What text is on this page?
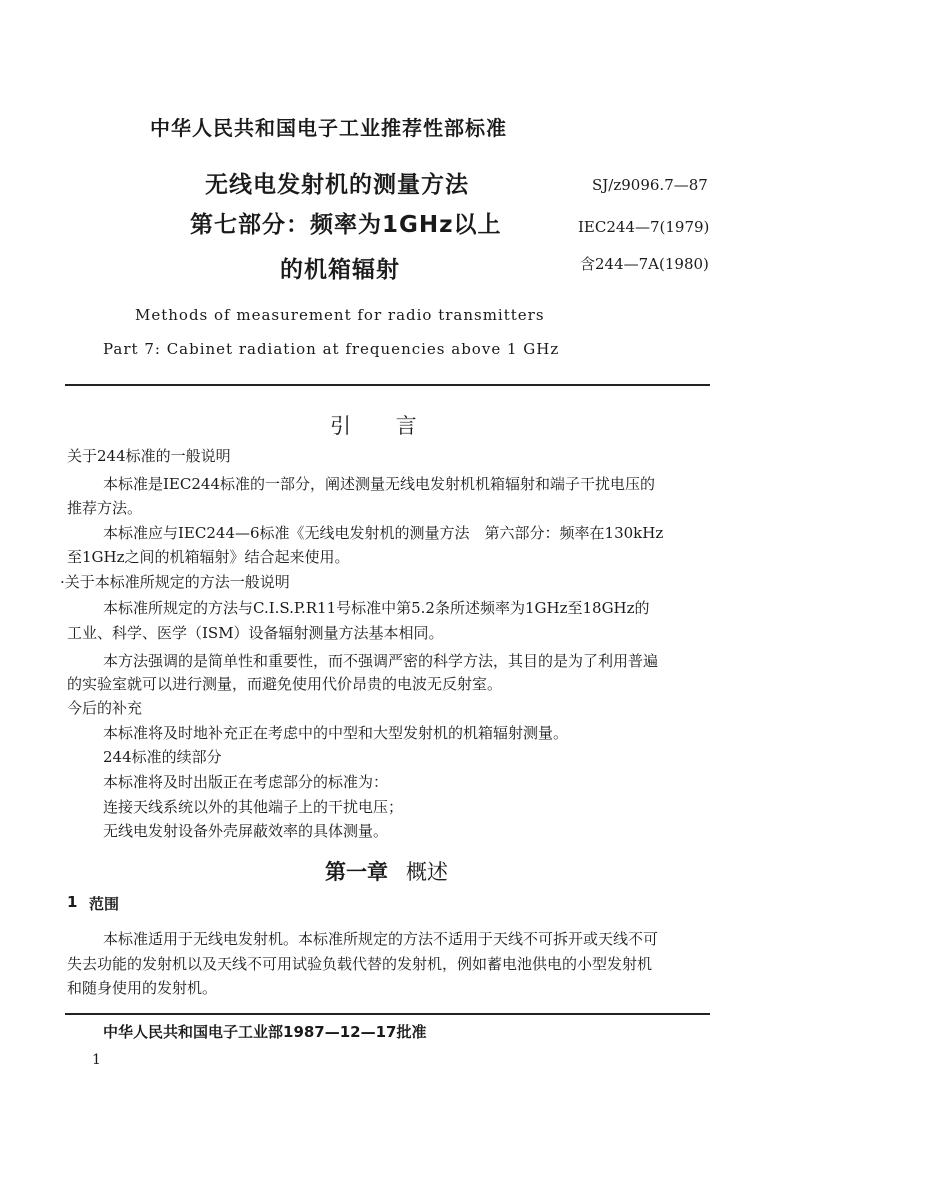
中华人民共和国电子工业推荐性部标准
无线电发射机的测量方法
第七部分：频率为1GHz以上
的机箱辐射
SJ/z9096.7—87
IEC244—7(1979)
含244—7A(1980)
Methods of measurement for radio transmitters
Part 7: Cabinet radiation at frequencies above 1 GHz
引 言
关于244标准的一般说明
本标准是IEC244标准的一部分，阐述测量无线电发射机机箱辐射和端子干扰电压的
推荐方法。
本标准应与IEC244—6标准《无线电发射机的测量方法　第六部分：频率在130kHz
至1GHz之间的机箱辐射》结合起来使用。
·关于本标准所规定的方法一般说明
本标准所规定的方法与C.I.S.P.R11号标准中第5.2条所述频率为1GHz至18GHz的
工业、科学、医学（ISM）设备辐射测量方法基本相同。
本方法强调的是简单性和重要性，而不强调严密的科学方法，其目的是为了利用普遍
的实验室就可以进行测量，而避免使用代价昂贵的电波无反射室。
今后的补充
本标准将及时地补充正在考虑中的中型和大型发射机的机箱辐射测量。
244标准的续部分
本标准将及时出版正在考虑部分的标准为：
连接天线系统以外的其他端子上的干扰电压；
无线电发射设备外壳屏蔽效率的具体测量。
第一章 概述
1 范围
本标准适用于无线电发射机。本标准所规定的方法不适用于天线不可拆开或天线不可
失去功能的发射机以及天线不可用试验负载代替的发射机，例如蓄电池供电的小型发射机
和随身使用的发射机。
中华人民共和国电子工业部1987—12—17批准
1
